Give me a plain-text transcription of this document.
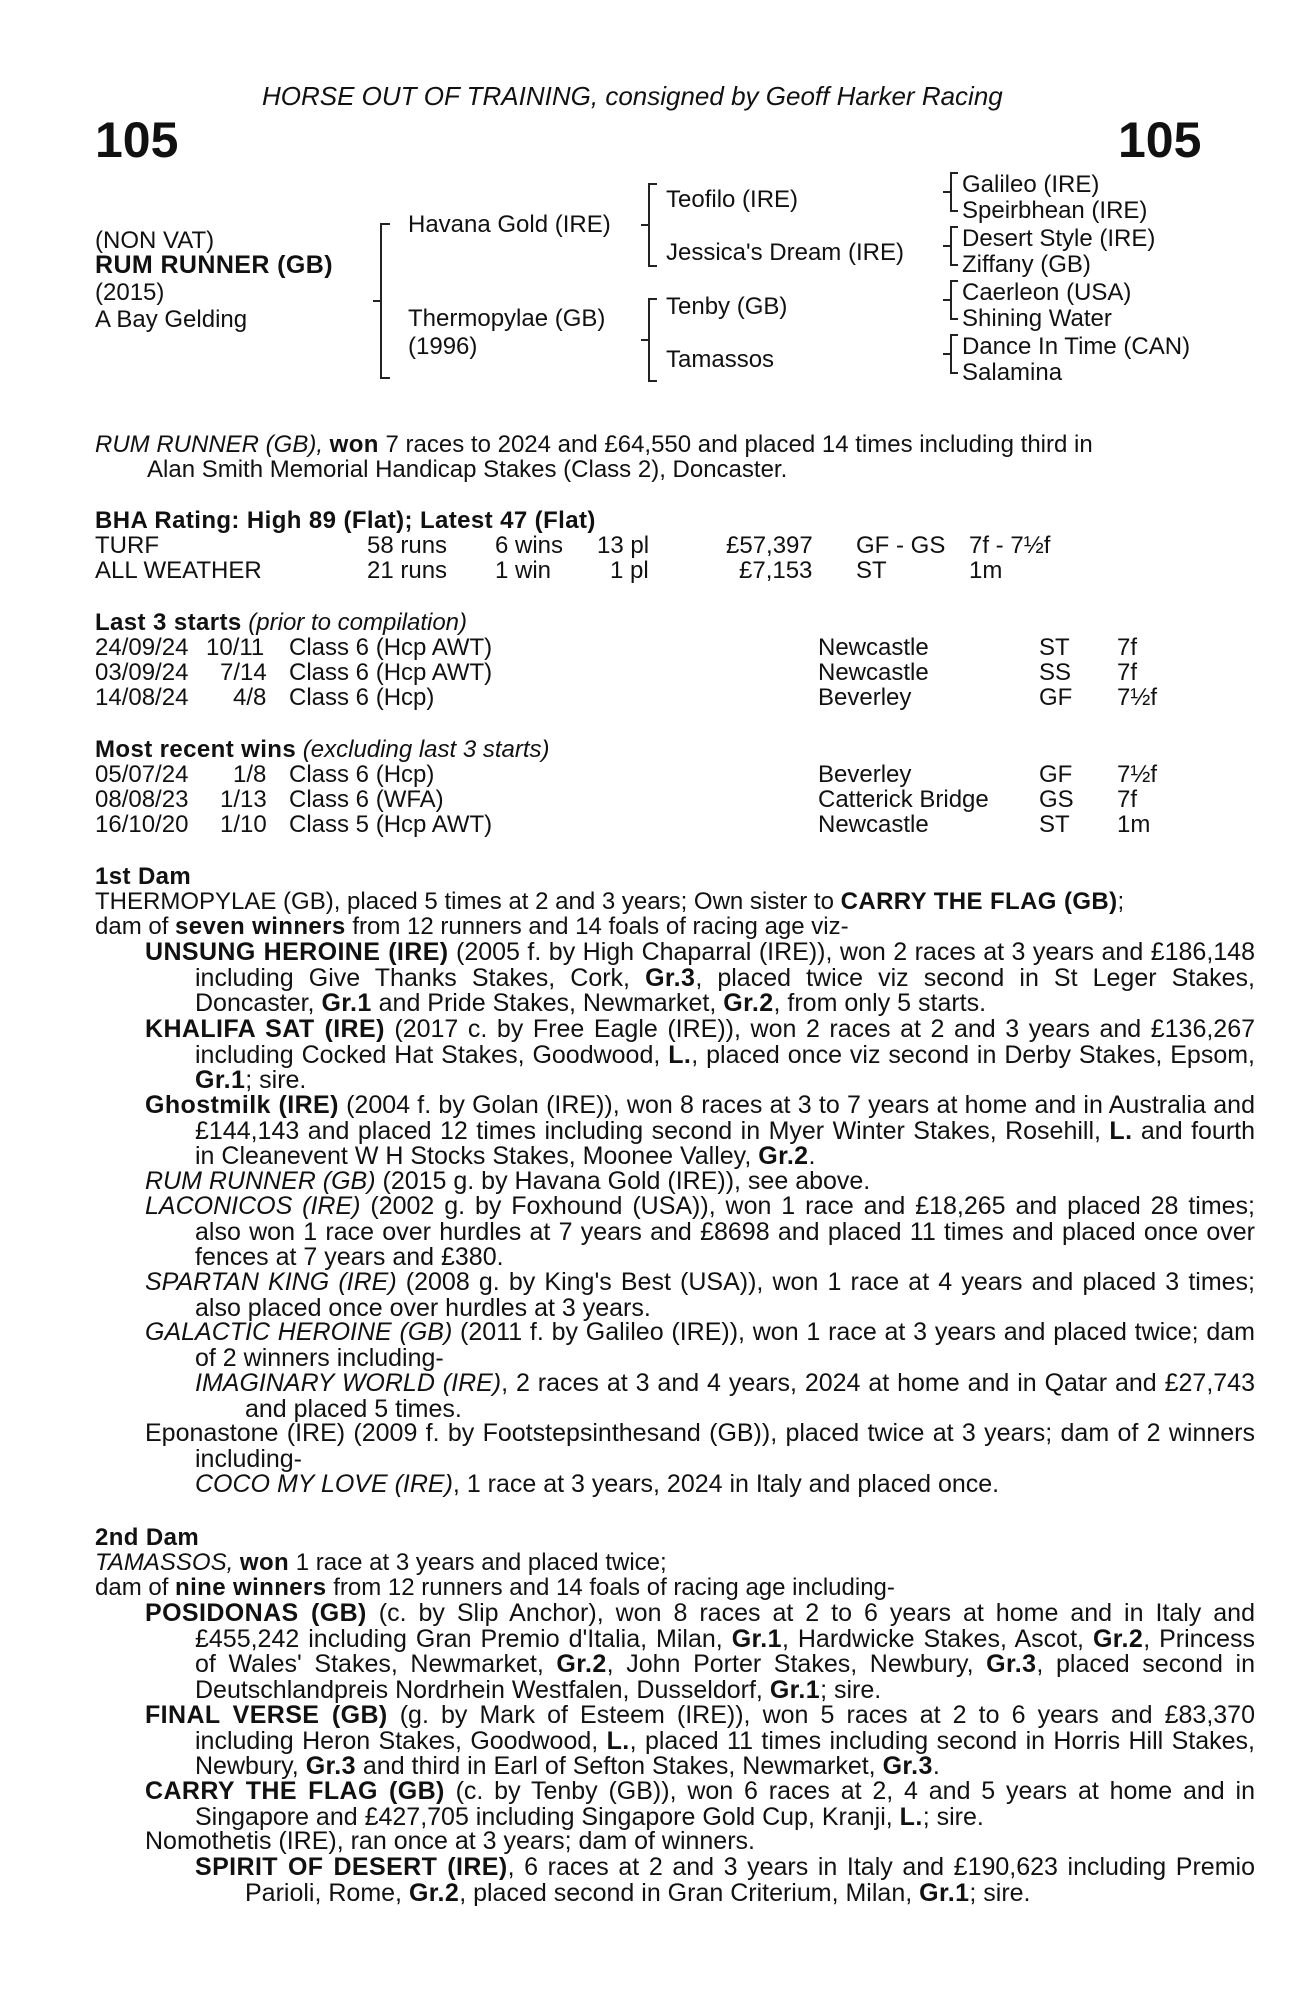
HORSE OUT OF TRAINING, consigned by Geoff Harker Racing
105	105
(NON VAT)
RUM RUNNER (GB)
(2015)
A Bay Gelding
Havana Gold (IRE)
Thermopylae (GB)
(1996)
Teofilo (IRE)
Jessica's Dream (IRE)
Tenby (GB)
Tamassos
Galileo (IRE)
Speirbhean (IRE)
Desert Style (IRE)
Ziffany (GB)
Caerleon (USA)
Shining Water
Dance In Time (CAN)
Salamina
RUM RUNNER (GB), won 7 races to 2024 and £64,550 and placed 14 times including third in
Alan Smith Memorial Handicap Stakes (Class 2), Doncaster.
BHA Rating: High 89 (Flat); Latest 47 (Flat)
TURF	58 runs 6 wins 13 pl	£57,397 GF - GS 7f - 7½f
ALL WEATHER	21 runs 1 win 1 pl	£7,153 ST	1m
Last 3 starts (prior to compilation)
24/09/24 10/11 Class 6 (Hcp AWT)	Newcastle	ST 7f
03/09/24 7/14 Class 6 (Hcp AWT)	Newcastle	SS 7f
14/08/24 4/8 Class 6 (Hcp)	Beverley	GF 7½f
Most recent wins (excluding last 3 starts)
05/07/24 1/8 Class 6 (Hcp)	Beverley	GF 7½f
08/08/23 1/13 Class 6 (WFA)	Catterick Bridge GS 7f
16/10/20 1/10 Class 5 (Hcp AWT)	Newcastle	ST 1m
1st Dam
THERMOPYLAE (GB), placed 5 times at 2 and 3 years; Own sister to CARRY THE FLAG (GB);
dam of seven winners from 12 runners and 14 foals of racing age viz-
UNSUNG HEROINE (IRE) (2005 f. by High Chaparral (IRE)), won 2 races at 3 years and £186,148 including Give Thanks Stakes, Cork, Gr.3, placed twice viz second in St Leger Stakes, Doncaster, Gr.1 and Pride Stakes, Newmarket, Gr.2, from only 5 starts.
KHALIFA SAT (IRE) (2017 c. by Free Eagle (IRE)), won 2 races at 2 and 3 years and £136,267 including Cocked Hat Stakes, Goodwood, L., placed once viz second in Derby Stakes, Epsom, Gr.1; sire.
Ghostmilk (IRE) (2004 f. by Golan (IRE)), won 8 races at 3 to 7 years at home and in Australia and £144,143 and placed 12 times including second in Myer Winter Stakes, Rosehill, L. and fourth in Cleanevent W H Stocks Stakes, Moonee Valley, Gr.2.
RUM RUNNER (GB) (2015 g. by Havana Gold (IRE)), see above.
LACONICOS (IRE) (2002 g. by Foxhound (USA)), won 1 race and £18,265 and placed 28 times; also won 1 race over hurdles at 7 years and £8698 and placed 11 times and placed once over fences at 7 years and £380.
SPARTAN KING (IRE) (2008 g. by King's Best (USA)), won 1 race at 4 years and placed 3 times; also placed once over hurdles at 3 years.
GALACTIC HEROINE (GB) (2011 f. by Galileo (IRE)), won 1 race at 3 years and placed twice; dam of 2 winners including-
IMAGINARY WORLD (IRE), 2 races at 3 and 4 years, 2024 at home and in Qatar and £27,743 and placed 5 times.
Eponastone (IRE) (2009 f. by Footstepsinthesand (GB)), placed twice at 3 years; dam of 2 winners including-
COCO MY LOVE (IRE), 1 race at 3 years, 2024 in Italy and placed once.
2nd Dam
TAMASSOS, won 1 race at 3 years and placed twice;
dam of nine winners from 12 runners and 14 foals of racing age including-
POSIDONAS (GB) (c. by Slip Anchor), won 8 races at 2 to 6 years at home and in Italy and £455,242 including Gran Premio d'Italia, Milan, Gr.1, Hardwicke Stakes, Ascot, Gr.2, Princess of Wales' Stakes, Newmarket, Gr.2, John Porter Stakes, Newbury, Gr.3, placed second in Deutschlandpreis Nordrhein Westfalen, Dusseldorf, Gr.1; sire.
FINAL VERSE (GB) (g. by Mark of Esteem (IRE)), won 5 races at 2 to 6 years and £83,370 including Heron Stakes, Goodwood, L., placed 11 times including second in Horris Hill Stakes, Newbury, Gr.3 and third in Earl of Sefton Stakes, Newmarket, Gr.3.
CARRY THE FLAG (GB) (c. by Tenby (GB)), won 6 races at 2, 4 and 5 years at home and in Singapore and £427,705 including Singapore Gold Cup, Kranji, L.; sire.
Nomothetis (IRE), ran once at 3 years; dam of winners.
SPIRIT OF DESERT (IRE), 6 races at 2 and 3 years in Italy and £190,623 including Premio Parioli, Rome, Gr.2, placed second in Gran Criterium, Milan, Gr.1; sire.
